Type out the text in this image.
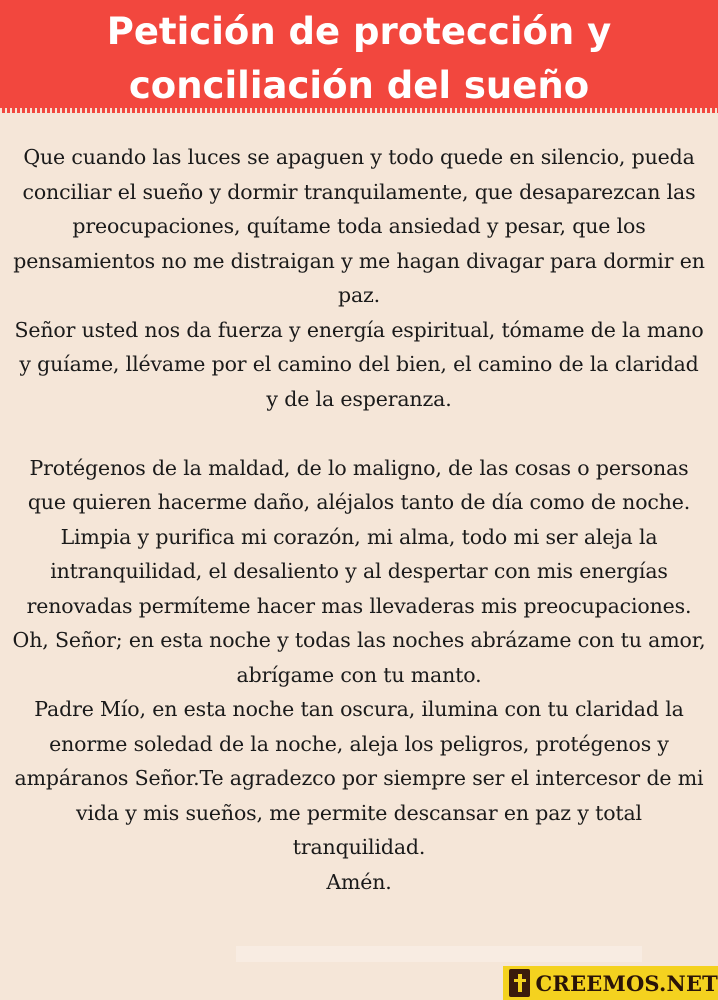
Petición de protección y
conciliación del sueño

Que cuando las luces se apaguen y todo quede en silencio, pueda conciliar el sueño y dormir tranquilamente, que desaparezcan las preocupaciones, quítame toda ansiedad y pesar, que los pensamientos no me distraigan y me hagan divagar para dormir en paz.

Señor usted nos da fuerza y energía espiritual, tómame de la mano y guíame, llévame por el camino del bien, el camino de la claridad y de la esperanza.

Protégenos de la maldad, de lo maligno, de las cosas o personas que quieren hacerme daño, aléjalos tanto de día como de noche. Limpia y purifica mi corazón, mi alma, todo mi ser aleja la intranquilidad, el desaliento y al despertar con mis energías renovadas permíteme hacer mas llevaderas mis preocupaciones.

Oh, Señor; en esta noche y todas las noches abrázame con tu amor, abrígame con tu manto.

Padre Mío, en esta noche tan oscura, ilumina con tu claridad la enorme soledad de la noche, aleja los peligros, protégenos y ampáranos Señor.Te agradezco por siempre ser el intercesor de mi vida y mis sueños, me permite descansar en paz y total tranquilidad.

Amén.

CREEMOS.NET
